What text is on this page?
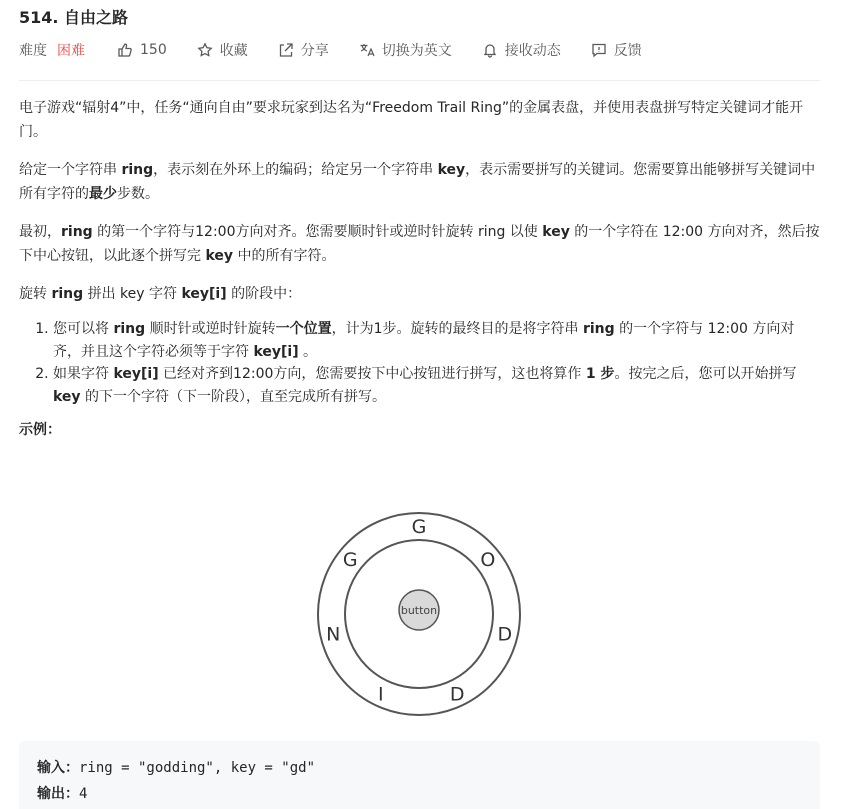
514. 自由之路
难度 困难	150	收藏	分享	切换为英文	接收动态	反馈

电子游戏“辐射4”中，任务“通向自由”要求玩家到达名为“Freedom Trail Ring”的金属表盘，并使用表盘拼写特定关键词才能开门。

给定一个字符串 ring，表示刻在外环上的编码；给定另一个字符串 key，表示需要拼写的关键词。您需要算出能够拼写关键词中所有字符的最少步数。

最初，ring 的第一个字符与12:00方向对齐。您需要顺时针或逆时针旋转 ring 以使 key 的一个字符在 12:00 方向对齐，然后按下中心按钮，以此逐个拼写完 key 中的所有字符。

旋转 ring 拼出 key 字符 key[i] 的阶段中：

1. 您可以将 ring 顺时针或逆时针旋转一个位置，计为1步。旋转的最终目的是将字符串 ring 的一个字符与 12:00 方向对齐，并且这个字符必须等于字符 key[i] 。
2. 如果字符 key[i] 已经对齐到12:00方向，您需要按下中心按钮进行拼写，这也将算作 1 步。按完之后，您可以开始拼写 key 的下一个字符（下一阶段），直至完成所有拼写。
示例：
button
G
O
D
D
I
N
G
输入：ring = "godding", key = "gd"
输出：4
